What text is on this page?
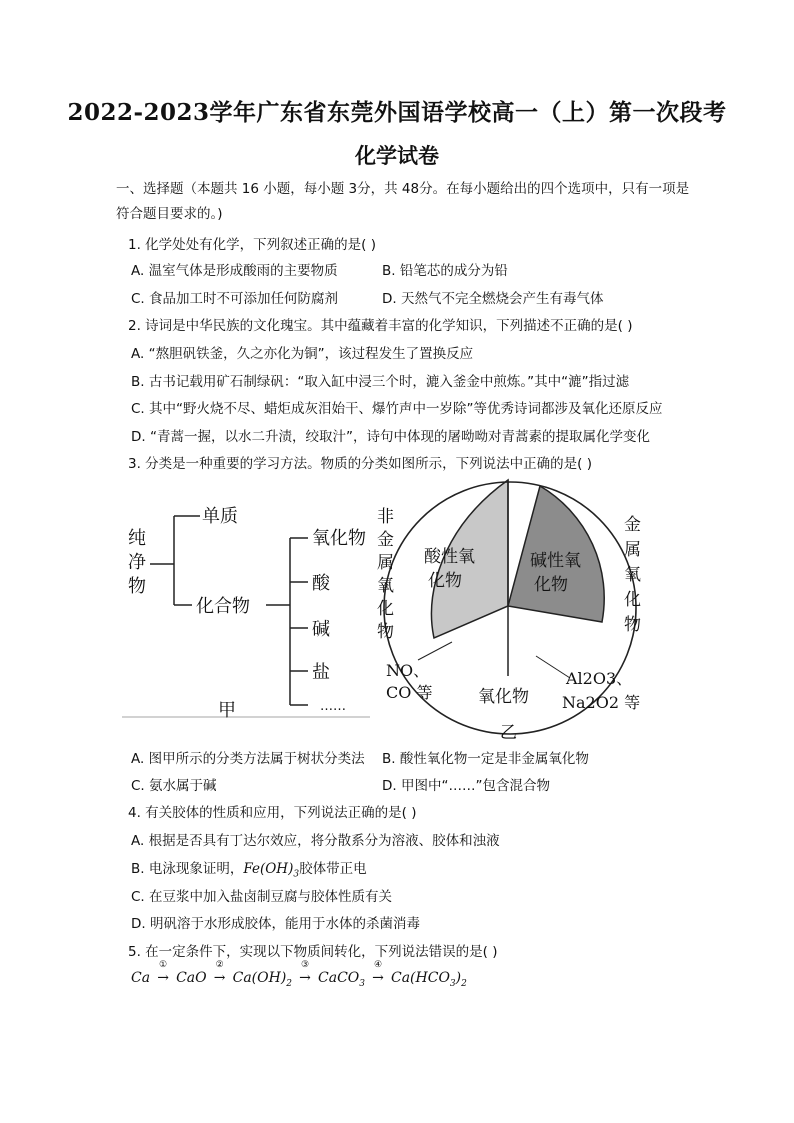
2022-2023学年广东省东莞外国语学校高一（上）第一次段考
化学试卷
一、选择题（本题共 16 小题，每小题 3分，共 48分。在每小题给出的四个选项中，只有一项是
符合题目要求的。)
1. 化学处处有化学，下列叙述正确的是( )
A. 温室气体是形成酸雨的主要物质	B. 铅笔芯的成分为铅
C. 食品加工时不可添加任何防腐剂	D. 天然气不完全燃烧会产生有毒气体
2. 诗词是中华民族的文化瑰宝。其中蕴藏着丰富的化学知识，下列描述不正确的是( )
A. “熬胆矾铁釜，久之亦化为铜”，该过程发生了置换反应
B. 古书记载用矿石制绿矾：“取入缸中浸三个时，漉入釜金中煎炼。”其中“漉”指过滤
C. 其中“野火烧不尽、蜡炬成灰泪始干、爆竹声中一岁除”等优秀诗词都涉及氧化还原反应
D. “青蒿一握，以水二升渍，绞取汁”，诗句中体现的屠呦呦对青蒿素的提取属化学变化
3. 分类是一种重要的学习方法。物质的分类如图所示，下列说法中正确的是( )
纯
净
物
单质
化合物
氧化物
酸
碱
盐
……
甲
非
金
属
氧
化
物
金
属
氧
化
物
酸性氧
化物
碱性氧
化物
氧化物
乙
NO、
CO 等
Al2O3、
Na2O2 等
A. 图甲所示的分类方法属于树状分类法 B. 酸性氧化物一定是非金属氧化物
C. 氨水属于碱	D. 甲图中“……”包含混合物
4. 有关胶体的性质和应用，下列说法正确的是( )
A. 根据是否具有丁达尔效应，将分散系分为溶液、胶体和浊液
B. 电泳现象证明，$Fe(OH)_3$胶体带正电
C. 在豆浆中加入盐卤制豆腐与胶体性质有关
D. 明矾溶于水形成胶体，能用于水体的杀菌消毒
5. 在一定条件下，实现以下物质间转化，下列说法错误的是( )
Ca
①
→ CaO
②
→ $Ca(OH)_2$
③
→ CaCO$_3$
④
→ $Ca(HCO_3)_2$
